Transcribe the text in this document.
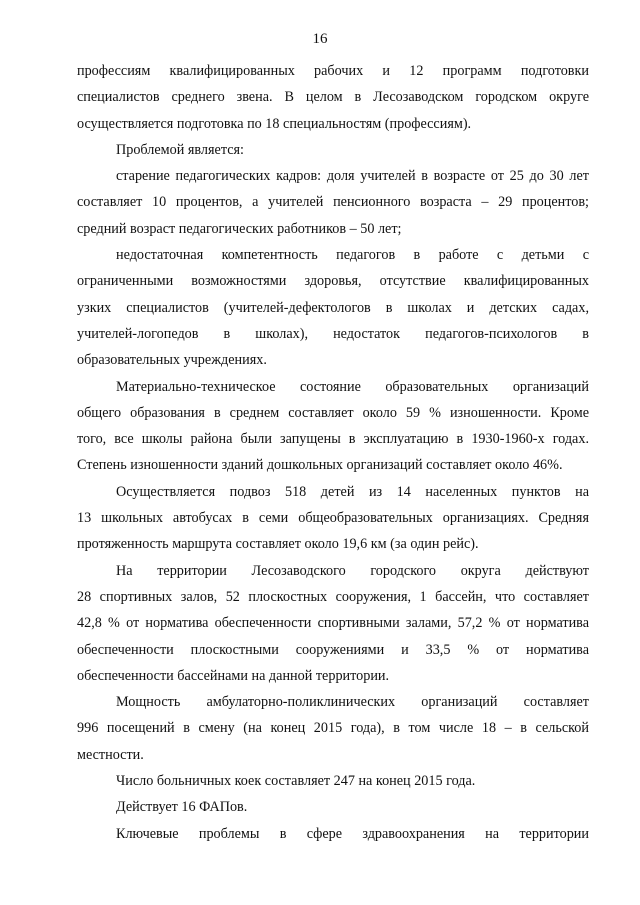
16
профессиям квалифицированных рабочих и 12 программ подготовки
специалистов среднего звена. В целом в Лесозаводском городском округе
осуществляется подготовка по 18 специальностям (профессиям).
Проблемой является:
старение педагогических кадров: доля учителей в возрасте от 25 до 30 лет
составляет 10 процентов, а учителей пенсионного возраста – 29 процентов;
средний возраст педагогических работников – 50 лет;
недостаточная компетентность педагогов в работе с детьми с
ограниченными возможностями здоровья, отсутствие квалифицированных
узких специалистов (учителей-дефектологов в школах и детских садах,
учителей-логопедов в школах), недостаток педагогов-психологов в
образовательных учреждениях.
Материально-техническое состояние образовательных организаций
общего образования в среднем составляет около 59 % изношенности. Кроме
того, все школы района были запущены в эксплуатацию в 1930-1960-х годах.
Степень изношенности зданий дошкольных организаций составляет около 46%.
Осуществляется подвоз 518 детей из 14 населенных пунктов на
13 школьных автобусах в семи общеобразовательных организациях. Средняя
протяженность маршрута составляет около 19,6 км (за один рейс).
На территории Лесозаводского городского округа действуют
28 спортивных залов, 52 плоскостных сооружения, 1 бассейн, что составляет
42,8 % от норматива обеспеченности спортивными залами, 57,2 % от норматива
обеспеченности плоскостными сооружениями и 33,5 % от норматива
обеспеченности бассейнами на данной территории.
Мощность амбулаторно-поликлинических организаций составляет
996 посещений в смену (на конец 2015 года), в том числе 18 – в сельской
местности.
Число больничных коек составляет 247 на конец 2015 года.
Действует 16 ФАПов.
Ключевые проблемы в сфере здравоохранения на территории
